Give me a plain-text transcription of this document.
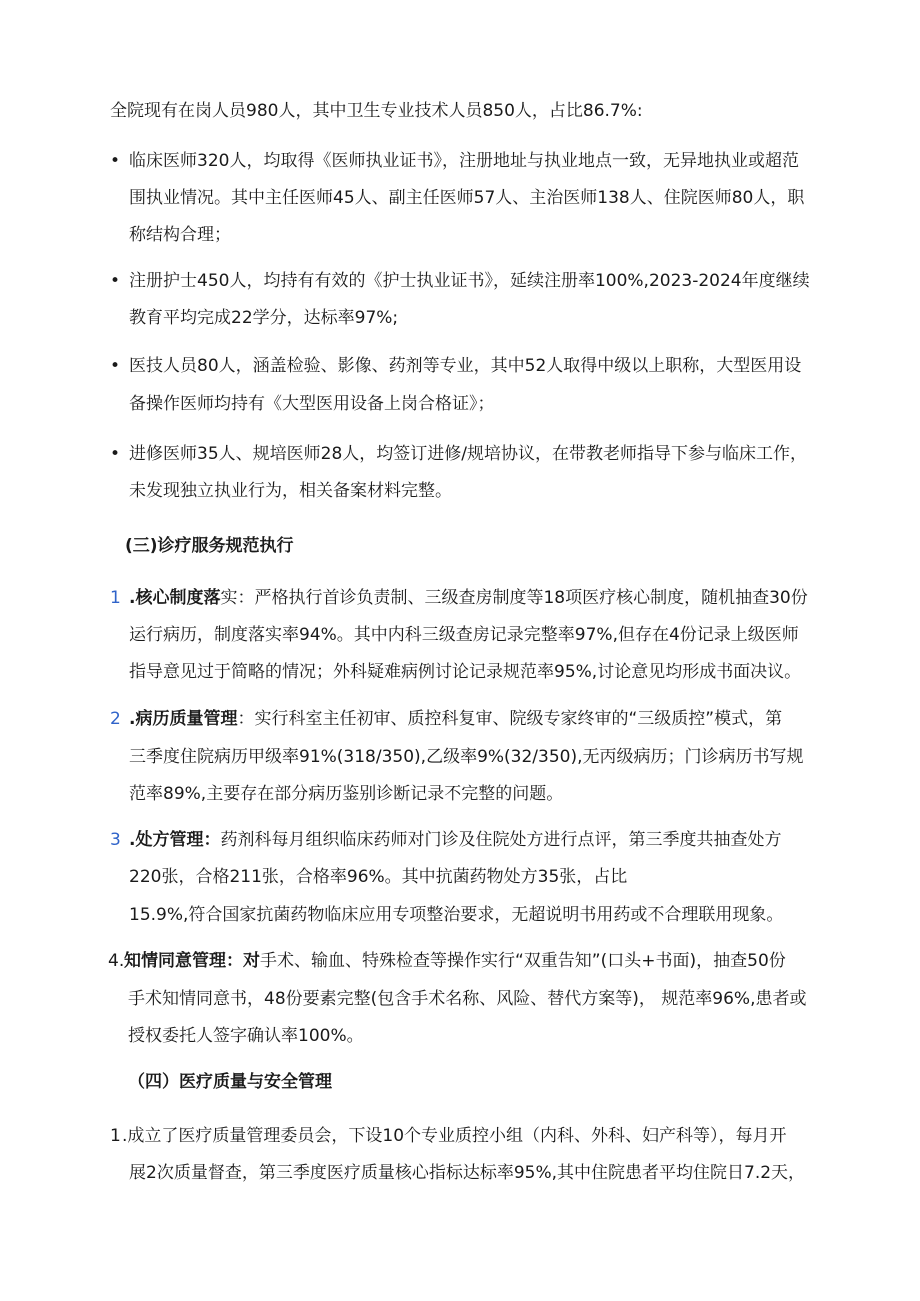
全院现有在岗人员980人，其中卫生专业技术人员850人，占比86.7%:
• 临床医师320人，均取得《医师执业证书》，注册地址与执业地点一致，无异地执业或超范
围执业情况。其中主任医师45人、副主任医师57人、主治医师138人、住院医师80人，职
称结构合理；
• 注册护士450人，均持有有效的《护士执业证书》，延续注册率100%,2023-2024年度继续
教育平均完成22学分，达标率97%;
• 医技人员80人，涵盖检验、影像、药剂等专业，其中52人取得中级以上职称，大型医用设
备操作医师均持有《大型医用设备上岗合格证》；
• 进修医师35人、规培医师28人，均签订进修/规培协议，在带教老师指导下参与临床工作，
未发现独立执业行为，相关备案材料完整。
(三)诊疗服务规范执行
1 .核心制度落实：严格执行首诊负责制、三级查房制度等18项医疗核心制度，随机抽查30份
运行病历，制度落实率94%。其中内科三级查房记录完整率97%,但存在4份记录上级医师
指导意见过于简略的情况；外科疑难病例讨论记录规范率95%,讨论意见均形成书面决议。
2 .病历质量管理：实行科室主任初审、质控科复审、院级专家终审的“三级质控”模式，第
三季度住院病历甲级率91%(318/350),乙级率9%(32/350),无丙级病历；门诊病历书写规
范率89%,主要存在部分病历鉴别诊断记录不完整的问题。
3 .处方管理：药剂科每月组织临床药师对门诊及住院处方进行点评，第三季度共抽查处方
220张，合格211张，合格率96%。其中抗菌药物处方35张，占比
15.9%,符合国家抗菌药物临床应用专项整治要求，无超说明书用药或不合理联用现象。
4. 知情同意管理：对手术、输血、特殊检查等操作实行“双重告知”(口头+书面)，抽查50份
手术知情同意书，48份要素完整(包含手术名称、风险、替代方案等)， 规范率96%,患者或
授权委托人签字确认率100%。
（四）医疗质量与安全管理
1 .成立了医疗质量管理委员会，下设10个专业质控小组（内科、外科、妇产科等），每月开
展2次质量督查，第三季度医疗质量核心指标达标率95%,其中住院患者平均住院日7.2天，
